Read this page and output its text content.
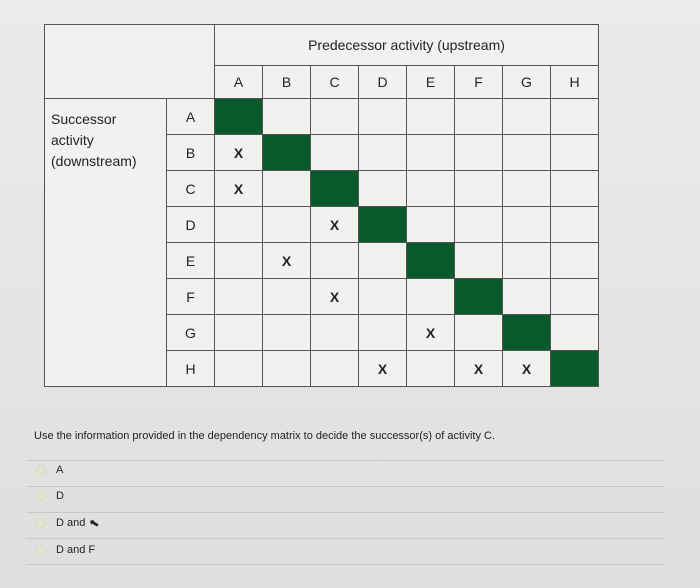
		Predecessor activity (upstream)							
		A	B	C	D	E	F	G	H

Successor
activity
(downstream)	A								
	B	X							
	C	X							
	D			X					
	E		X						
	F			X					
	G					X			
	H				X		X	X	
Use the information provided in the dependency matrix to decide the successor(s) of activity C.
A
D
D and ⬉
D and F
